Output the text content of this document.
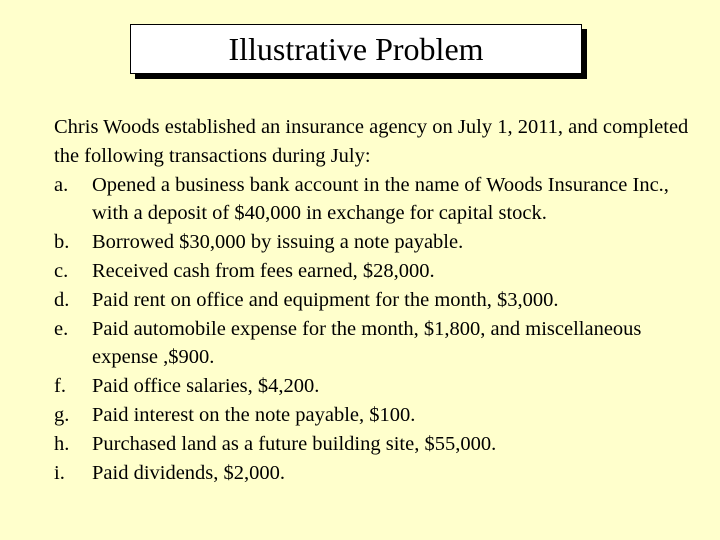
Illustrative Problem

Chris Woods established an insurance agency on July 1, 2011, and completed the following transactions during July:

a.	Opened a business bank account in the name of Woods Insurance Inc., with a deposit of $40,000 in exchange for capital stock.
b.	Borrowed $30,000 by issuing a note payable.
c.	Received cash from fees earned, $28,000.
d.	Paid rent on office and equipment for the month, $3,000.
e.	Paid automobile expense for the month, $1,800, and miscellaneous expense ,$900.
f.	Paid office salaries, $4,200.
g.	Paid interest on the note payable, $100.
h.	Purchased land as a future building site, $55,000.
i.	Paid dividends, $2,000.
